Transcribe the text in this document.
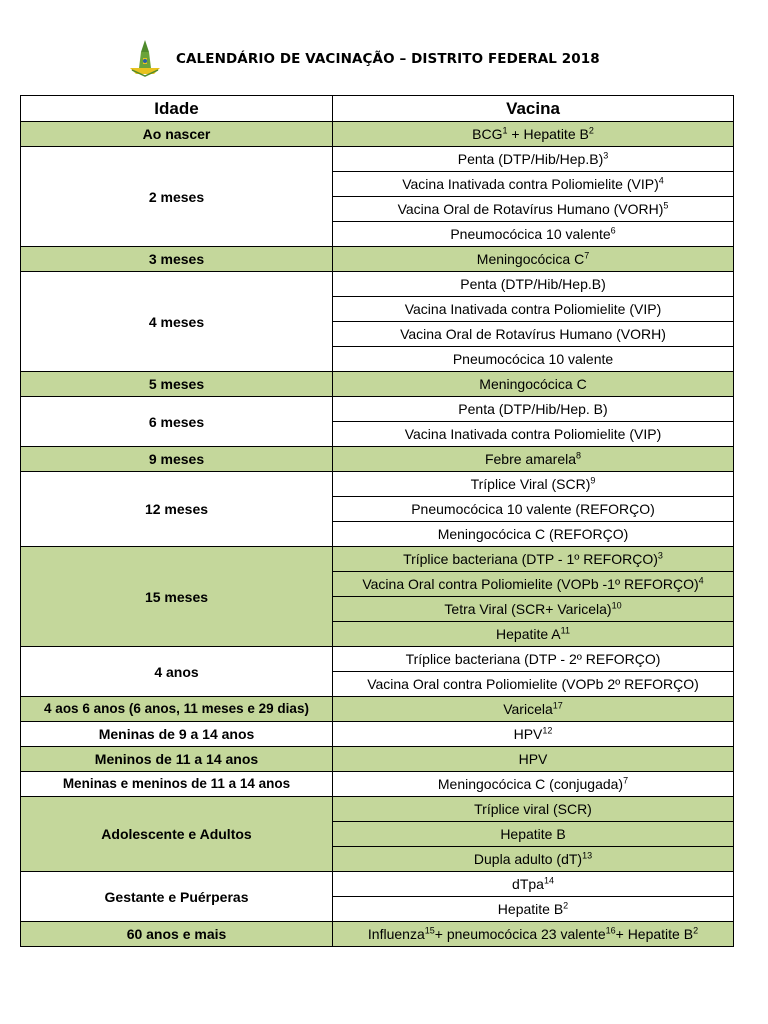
CALENDÁRIO DE VACINAÇÃO – DISTRITO FEDERAL 2018
Idade	Vacina
Ao nascer	$BCG^1$ + Hepatite $B^2$
2 meses	Penta $(DTP/Hib/Hep.B)^3$
	Vacina Inativada contra Poliomielite (VIP)$^4$
	Vacina Oral de Rotavírus Humano (VORH)$^5$
	Pneumocócica 10 valente$^6$
3 meses	Meningocócica $C^7$
4 meses	Penta (DTP/Hib/Hep.B)
	Vacina Inativada contra Poliomielite (VIP)
	Vacina Oral de Rotavírus Humano (VORH)
	Pneumocócica 10 valente
5 meses	Meningocócica C
6 meses	Penta (DTP/Hib/Hep. B)
	Vacina Inativada contra Poliomielite (VIP)
9 meses	Febre amarela$^8$
12 meses	Tríplice Viral (SCR)$^9$
	Pneumocócica 10 valente (REFORÇO)
	Meningocócica C (REFORÇO)
15 meses	Tríplice bacteriana (DTP - 1º REFORÇO)$^3$
	Vacina Oral contra Poliomielite (VOPb -1º REFORÇO)$^4$
	Tetra Viral (SCR+ Varicela)$^{10}$
	Hepatite $A^{11}$
4 anos	Tríplice bacteriana (DTP - 2º REFORÇO)
	Vacina Oral contra Poliomielite (VOPb 2º REFORÇO)
4 aos 6 anos (6 anos, 11 meses e 29 dias)	Varicela$^{17}$
Meninas de 9 a 14 anos	HPV$^{12}$
Meninos de 11 a 14 anos	HPV
Meninas e meninos de 11 a 14 anos	Meningocócica C (conjugada)$^7$
Adolescente e Adultos	Tríplice viral (SCR)
	Hepatite B
	Dupla adulto (dT)$^{13}$
Gestante e Puérperas	dTpa$^{14}$
	Hepatite $B^2$
60 anos e mais	Influenza$^{15}$+ pneumocócica 23 valente$^{16}$+ Hepatite $B^2$
